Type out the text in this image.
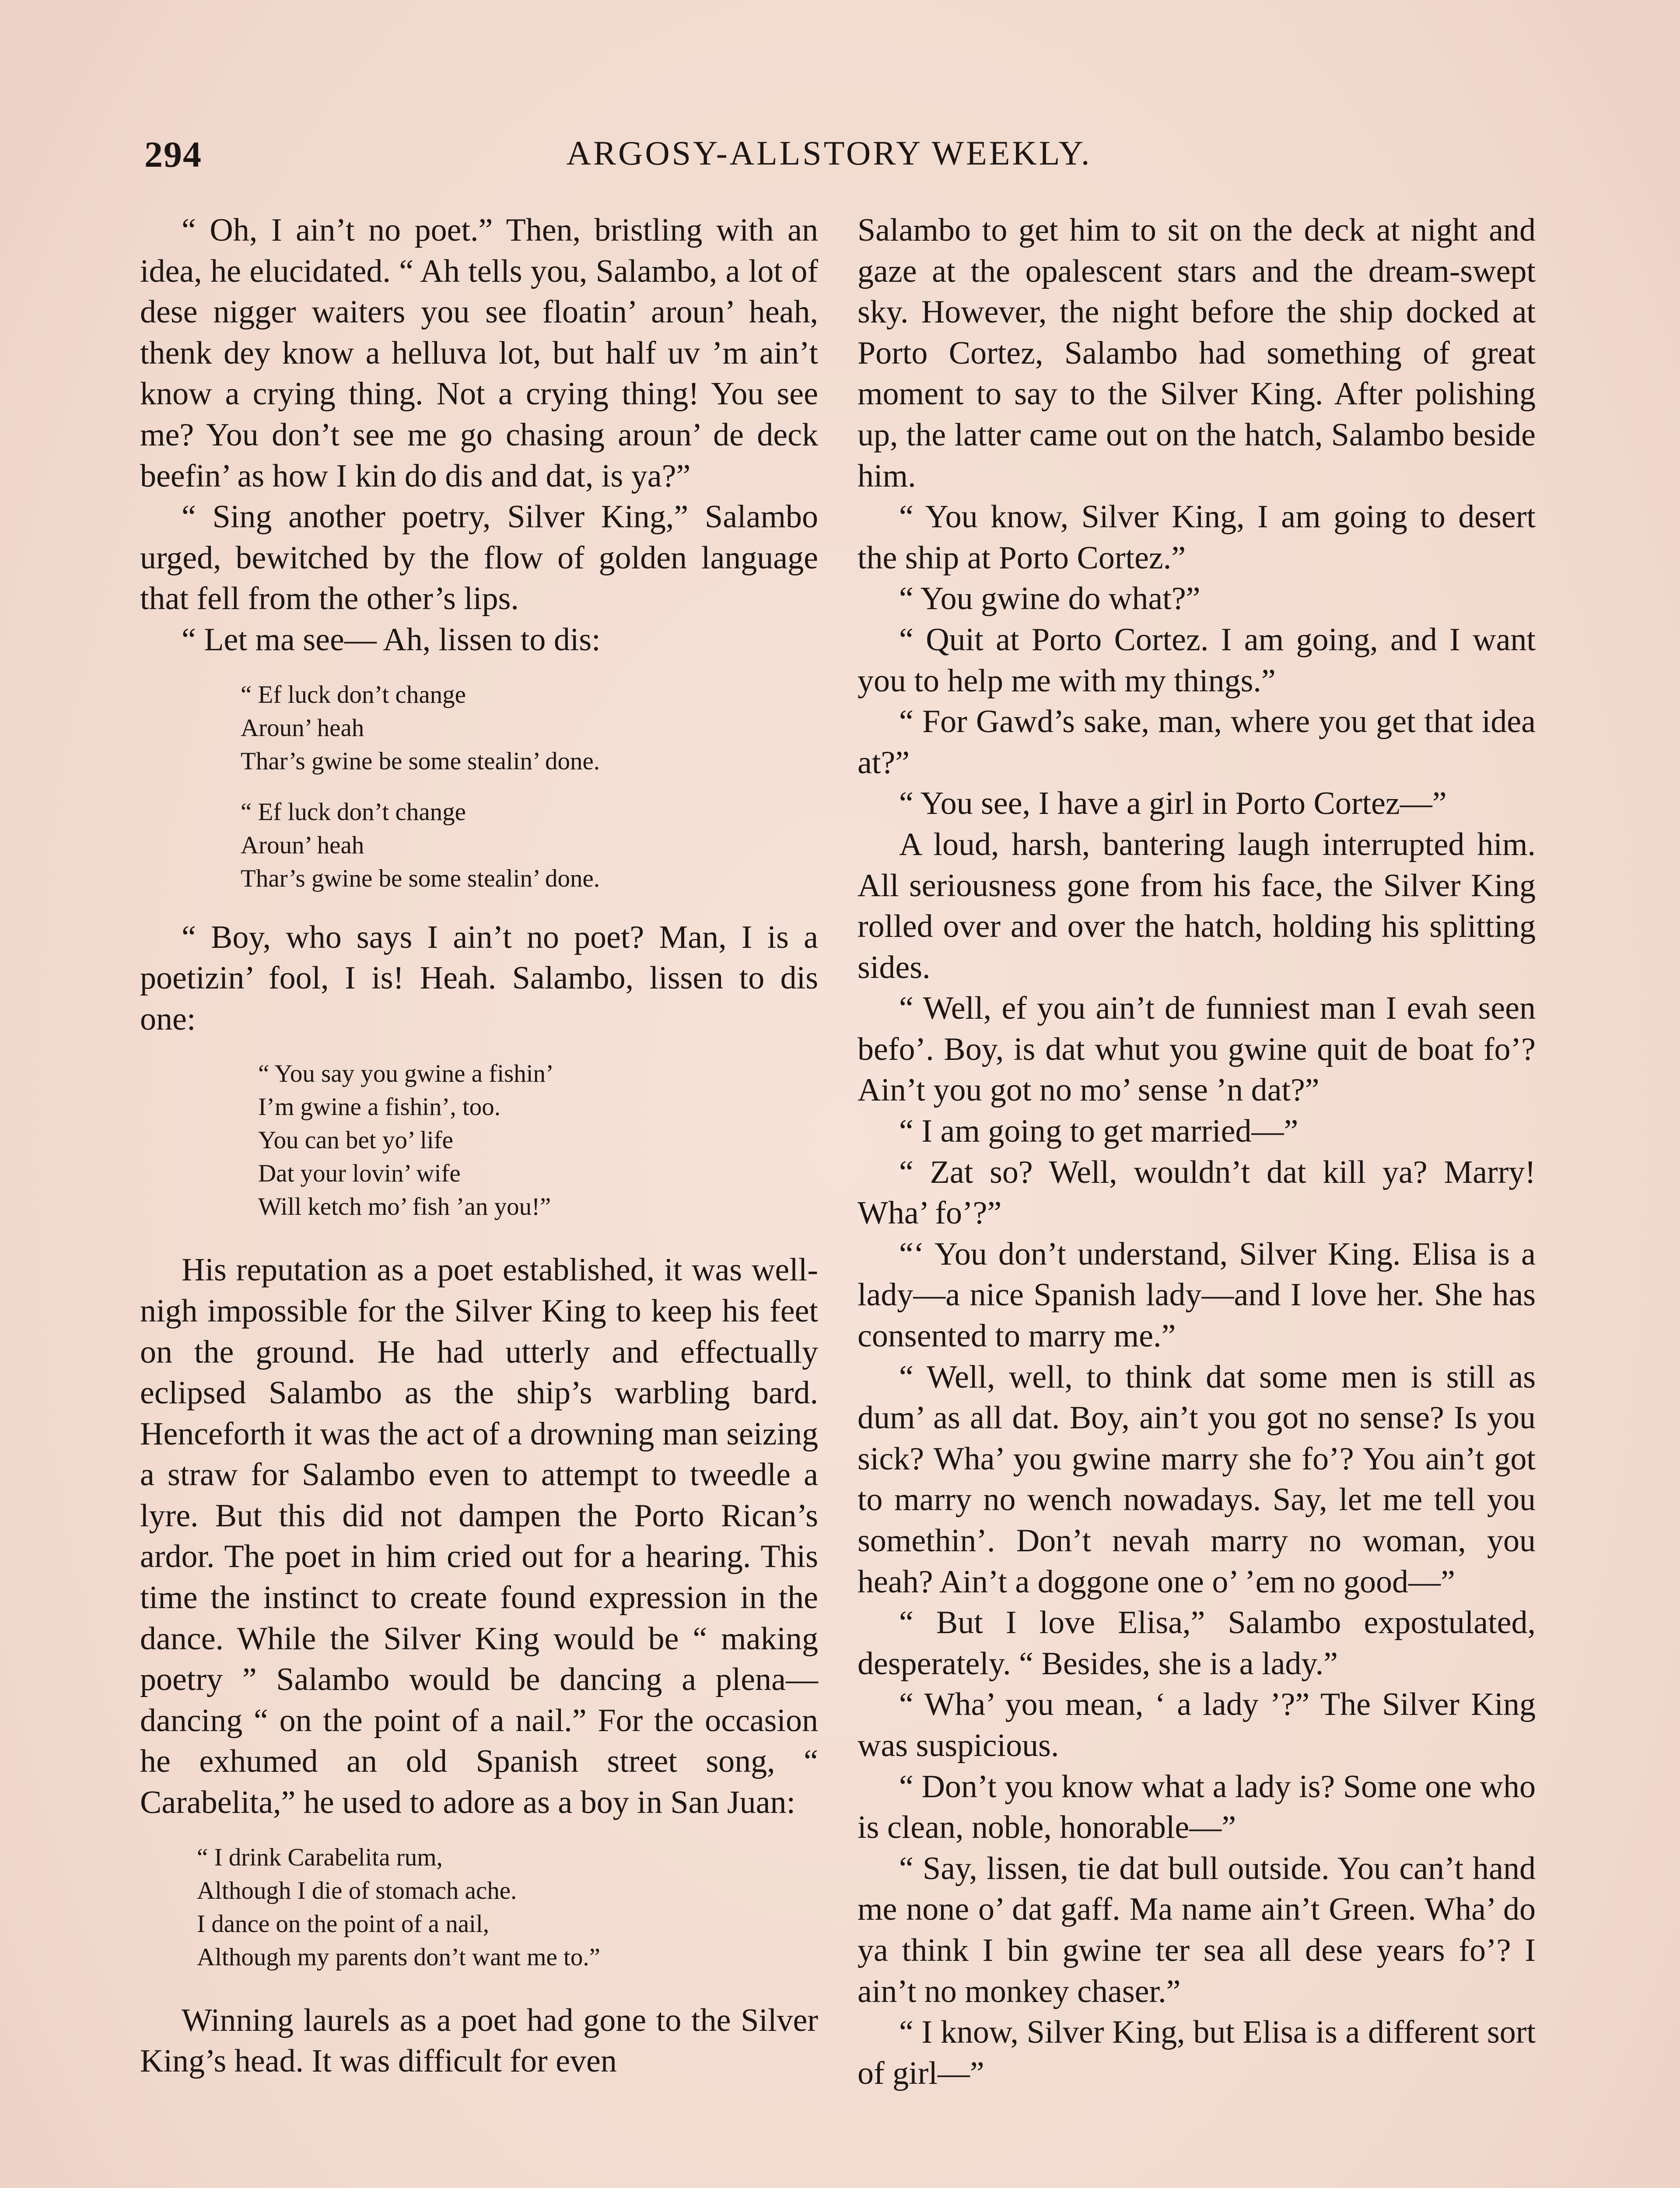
294	ARGOSY-ALLSTORY WEEKLY.

“ Oh, I ain’t no poet.” Then, bristling with an idea, he elucidated. “ Ah tells you, Salambo, a lot of dese nigger waiters you see floatin’ aroun’ heah, thenk dey know a helluva lot, but half uv ’m ain’t know a crying thing. Not a crying thing! You see me? You don’t see me go chasing aroun’ de deck beefin’ as how I kin do dis and dat, is ya?”

“ Sing another poetry, Silver King,” Salambo urged, bewitched by the flow of golden language that fell from the other’s lips.

“ Let ma see— Ah, lissen to dis:

“ Ef luck don’t change
Aroun’ heah
Thar’s gwine be some stealin’ done.
“ Ef luck don’t change
Aroun’ heah
Thar’s gwine be some stealin’ done.

“ Boy, who says I ain’t no poet? Man, I is a poetizin’ fool, I is! Heah. Salambo, lissen to dis one:

“ You say you gwine a fishin’
I’m gwine a fishin’, too.
You can bet yo’ life
Dat your lovin’ wife
Will ketch mo’ fish ’an you!”

His reputation as a poet established, it was well-nigh impossible for the Silver King to keep his feet on the ground. He had utterly and effectually eclipsed Salambo as the ship’s warbling bard. Henceforth it was the act of a drowning man seizing a straw for Salambo even to attempt to tweedle a lyre. But this did not dampen the Porto Rican’s ardor. The poet in him cried out for a hearing. This time the instinct to create found expression in the dance. While the Silver King would be “ making poetry ” Salambo would be dancing a plena—dancing “ on the point of a nail.” For the occasion he exhumed an old Spanish street song, “ Carabelita,” he used to adore as a boy in San Juan:

“ I drink Carabelita rum,
Although I die of stomach ache.
I dance on the point of a nail,
Although my parents don’t want me to.”

Winning laurels as a poet had gone to the Silver King’s head. It was difficult for even

Salambo to get him to sit on the deck at night and gaze at the opalescent stars and the dream-swept sky. However, the night before the ship docked at Porto Cortez, Salambo had something of great moment to say to the Silver King. After polishing up, the latter came out on the hatch, Salambo beside him.

“ You know, Silver King, I am going to desert the ship at Porto Cortez.”

“ You gwine do what?”

“ Quit at Porto Cortez. I am going, and I want you to help me with my things.”

“ For Gawd’s sake, man, where you get that idea at?”

“ You see, I have a girl in Porto Cortez—”

A loud, harsh, bantering laugh interrupted him. All seriousness gone from his face, the Silver King rolled over and over the hatch, holding his splitting sides.

“ Well, ef you ain’t de funniest man I evah seen befo’. Boy, is dat whut you gwine quit de boat fo’? Ain’t you got no mo’ sense ’n dat?”

“ I am going to get married—”

“ Zat so? Well, wouldn’t dat kill ya? Marry! Wha’ fo’?”

“‘ You don’t understand, Silver King. Elisa is a lady—a nice Spanish lady—and I love her. She has consented to marry me.”

“ Well, well, to think dat some men is still as dum’ as all dat. Boy, ain’t you got no sense? Is you sick? Wha’ you gwine marry she fo’? You ain’t got to marry no wench nowadays. Say, let me tell you somethin’. Don’t nevah marry no woman, you heah? Ain’t a doggone one o’ ’em no good—”

“ But I love Elisa,” Salambo expostulated, desperately. “ Besides, she is a lady.”

“ Wha’ you mean, ‘ a lady ’?” The Silver King was suspicious.

“ Don’t you know what a lady is? Some one who is clean, noble, honorable—”

“ Say, lissen, tie dat bull outside. You can’t hand me none o’ dat gaff. Ma name ain’t Green. Wha’ do ya think I bin gwine ter sea all dese years fo’? I ain’t no monkey chaser.”

“ I know, Silver King, but Elisa is a different sort of girl—”
